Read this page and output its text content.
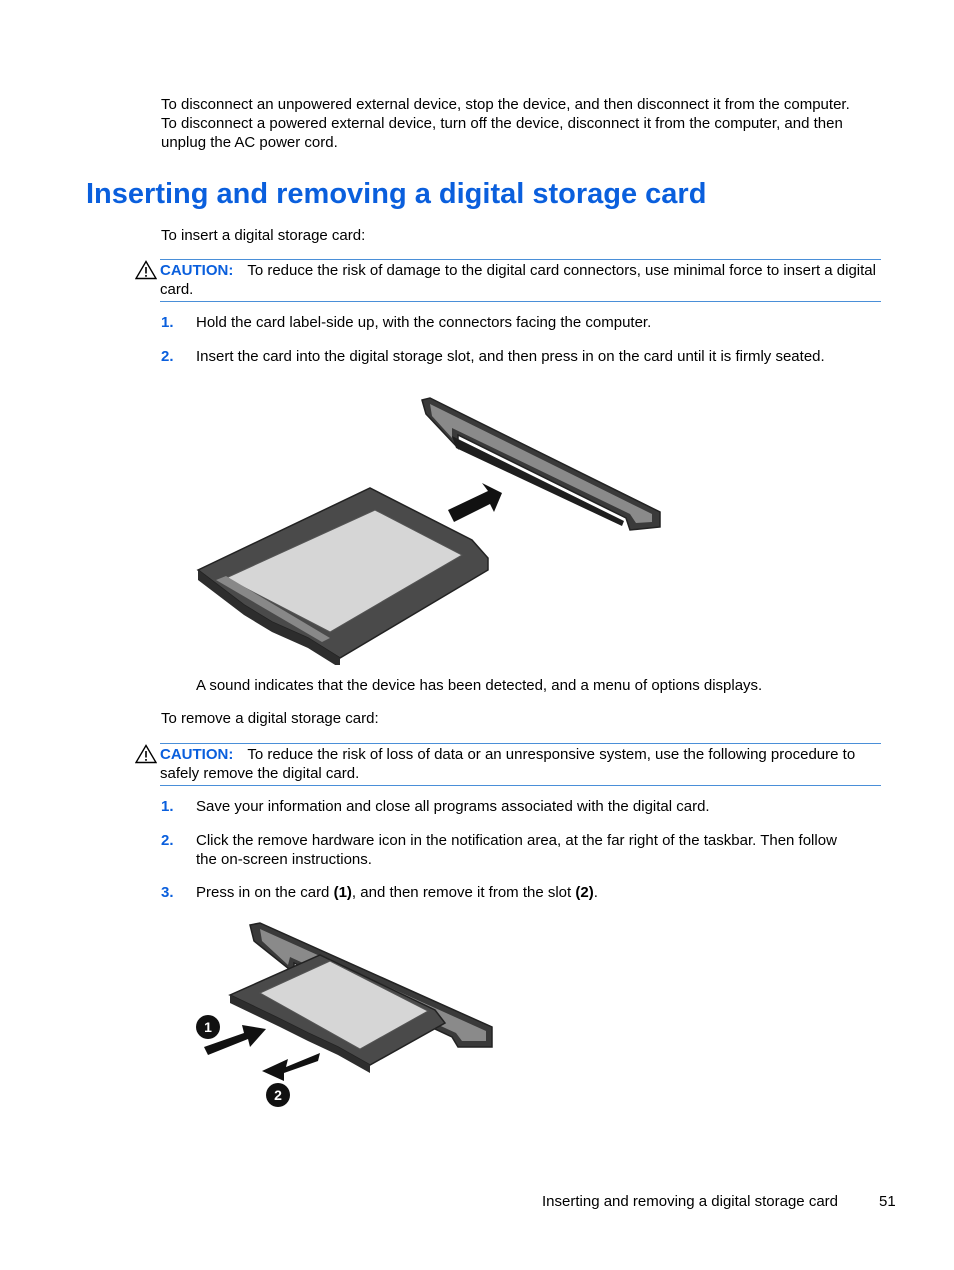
To disconnect an unpowered external device, stop the device, and then disconnect it from the computer. To disconnect a powered external device, turn off the device, disconnect it from the computer, and then unplug the AC power cord.

Inserting and removing a digital storage card

To insert a digital storage card:

CAUTION: To reduce the risk of damage to the digital card connectors, use minimal force to insert a digital card.
1. Hold the card label-side up, with the connectors facing the computer.
2. Insert the card into the digital storage slot, and then press in on the card until it is firmly seated.

A sound indicates that the device has been detected, and a menu of options displays.

To remove a digital storage card:

CAUTION: To reduce the risk of loss of data or an unresponsive system, use the following procedure to safely remove the digital card.
1. Save your information and close all programs associated with the digital card.
2. Click the remove hardware icon in the notification area, at the far right of the taskbar. Then follow the on-screen instructions.
3. Press in on the card (1), and then remove it from the slot (2).
1
2
Inserting and removing a digital storage card	51
